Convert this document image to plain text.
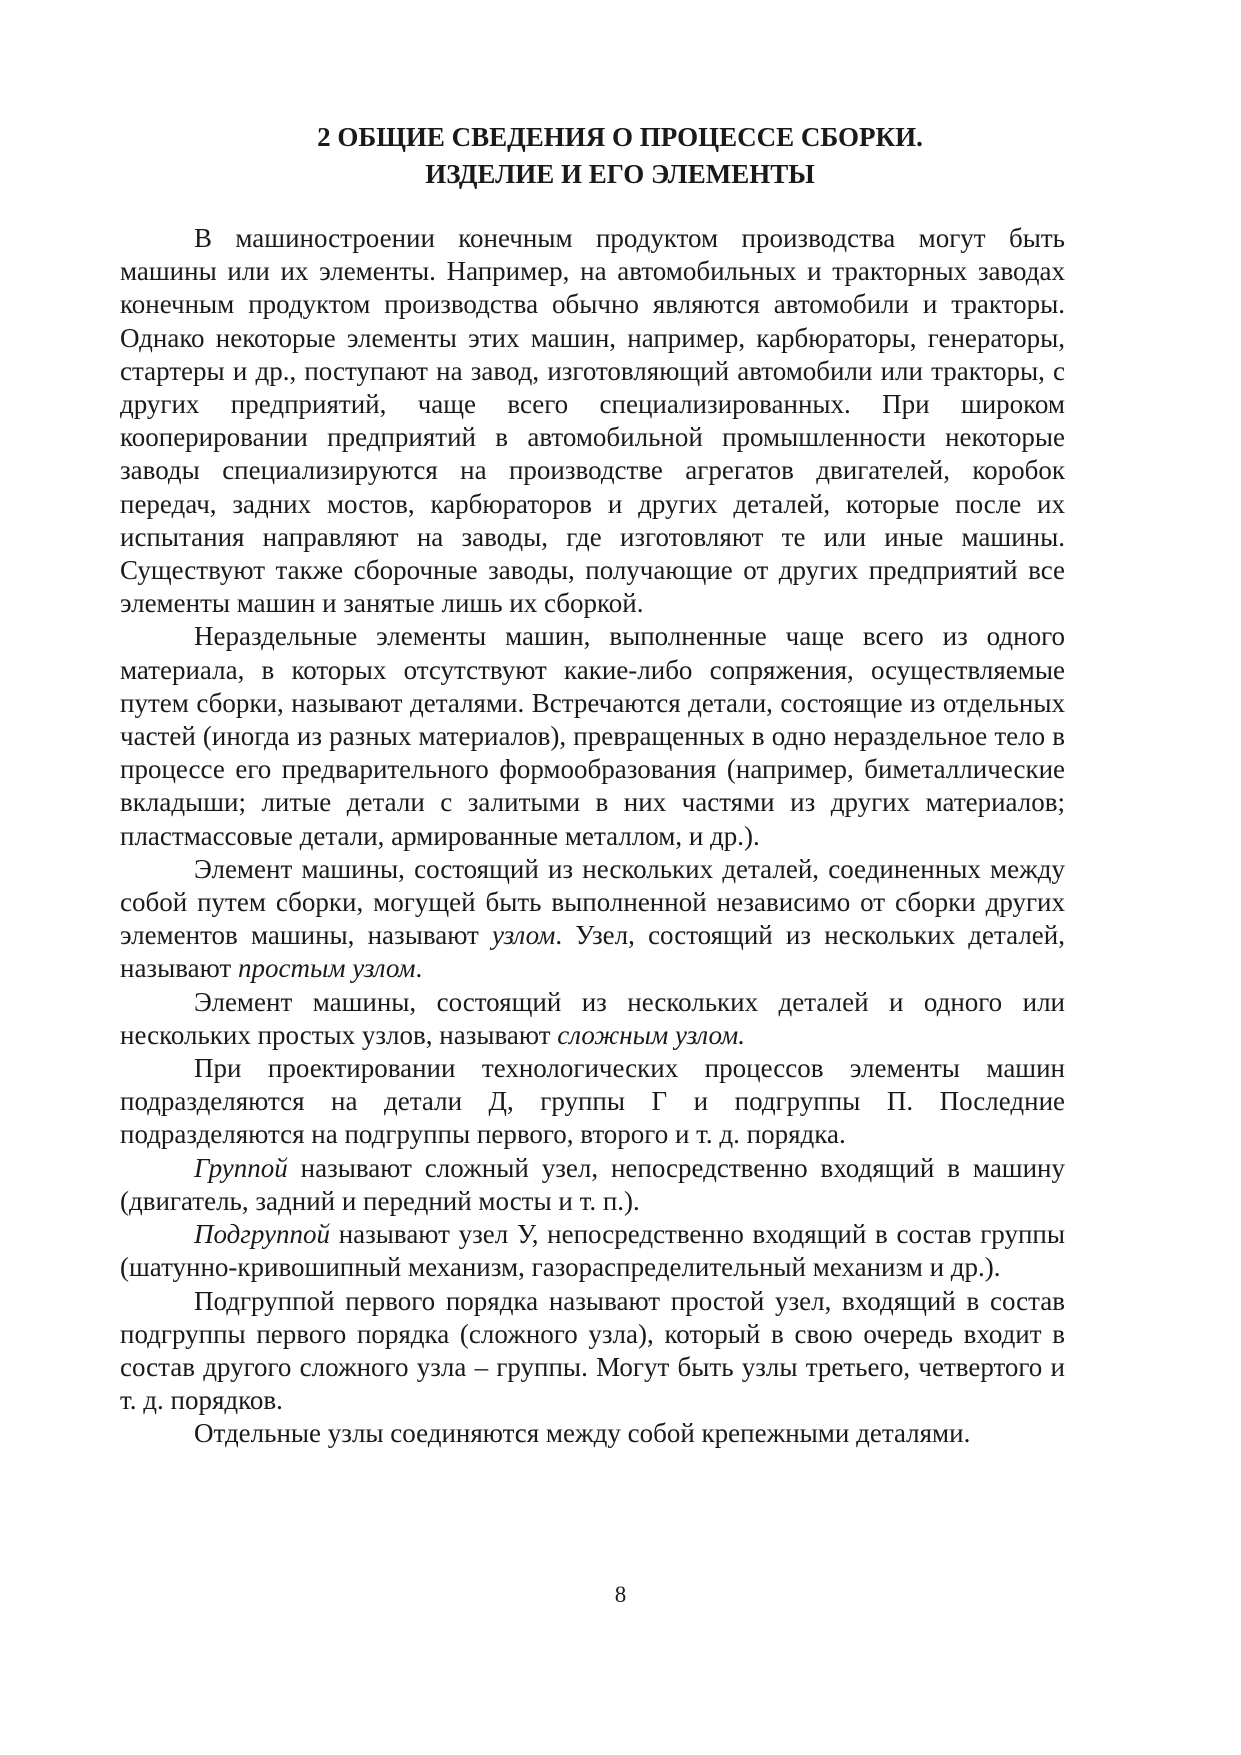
2 ОБЩИЕ СВЕДЕНИЯ О ПРОЦЕССЕ СБОРКИ.
ИЗДЕЛИЕ И ЕГО ЭЛЕМЕНТЫ

В машиностроении конечным продуктом производства могут быть машины или их элементы. Например, на автомобильных и тракторных заводах конечным продуктом производства обычно являются автомобили и тракторы. Однако некоторые элементы этих машин, например, карбюраторы, генераторы, стартеры и др., поступают на завод, изготовляющий автомобили или тракторы, с других предприятий, чаще всего специализированных. При широком кооперировании предприятий в автомобильной промышленности некоторые заводы специализируются на производстве агрегатов двигателей, коробок передач, задних мостов, карбюраторов и других деталей, которые после их испытания направляют на заводы, где изготовляют те или иные машины. Существуют также сборочные заводы, получающие от других предприятий все элементы машин и занятые лишь их сборкой.

Нераздельные элементы машин, выполненные чаще всего из одного материала, в которых отсутствуют какие-либо сопряжения, осуществляемые путем сборки, называют деталями. Встречаются детали, состоящие из отдельных частей (иногда из разных материалов), превращенных в одно нераздельное тело в процессе его предварительного формообразования (например, биметаллические вкладыши; литые детали с залитыми в них частями из других материалов; пластмассовые детали, армированные металлом, и др.).

Элемент машины, состоящий из нескольких деталей, соединенных между собой путем сборки, могущей быть выполненной независимо от сборки других элементов машины, называют узлом. Узел, состоящий из нескольких деталей, называют простым узлом.

Элемент машины, состоящий из нескольких деталей и одного или нескольких простых узлов, называют сложным узлом.

При проектировании технологических процессов элементы машин подразделяются на детали Д, группы Г и подгруппы П. Последние подразделяются на подгруппы первого, второго и т. д. порядка.

Группой называют сложный узел, непосредственно входящий в машину (двигатель, задний и передний мосты и т. п.).

Подгруппой называют узел У, непосредственно входящий в состав группы (шатунно-кривошипный механизм, газораспределительный механизм и др.).

Подгруппой первого порядка называют простой узел, входящий в состав подгруппы первого порядка (сложного узла), который в свою очередь входит в состав другого сложного узла – группы. Могут быть узлы третьего, четвертого и т. д. порядков.

Отдельные узлы соединяются между собой крепежными деталями.

8
